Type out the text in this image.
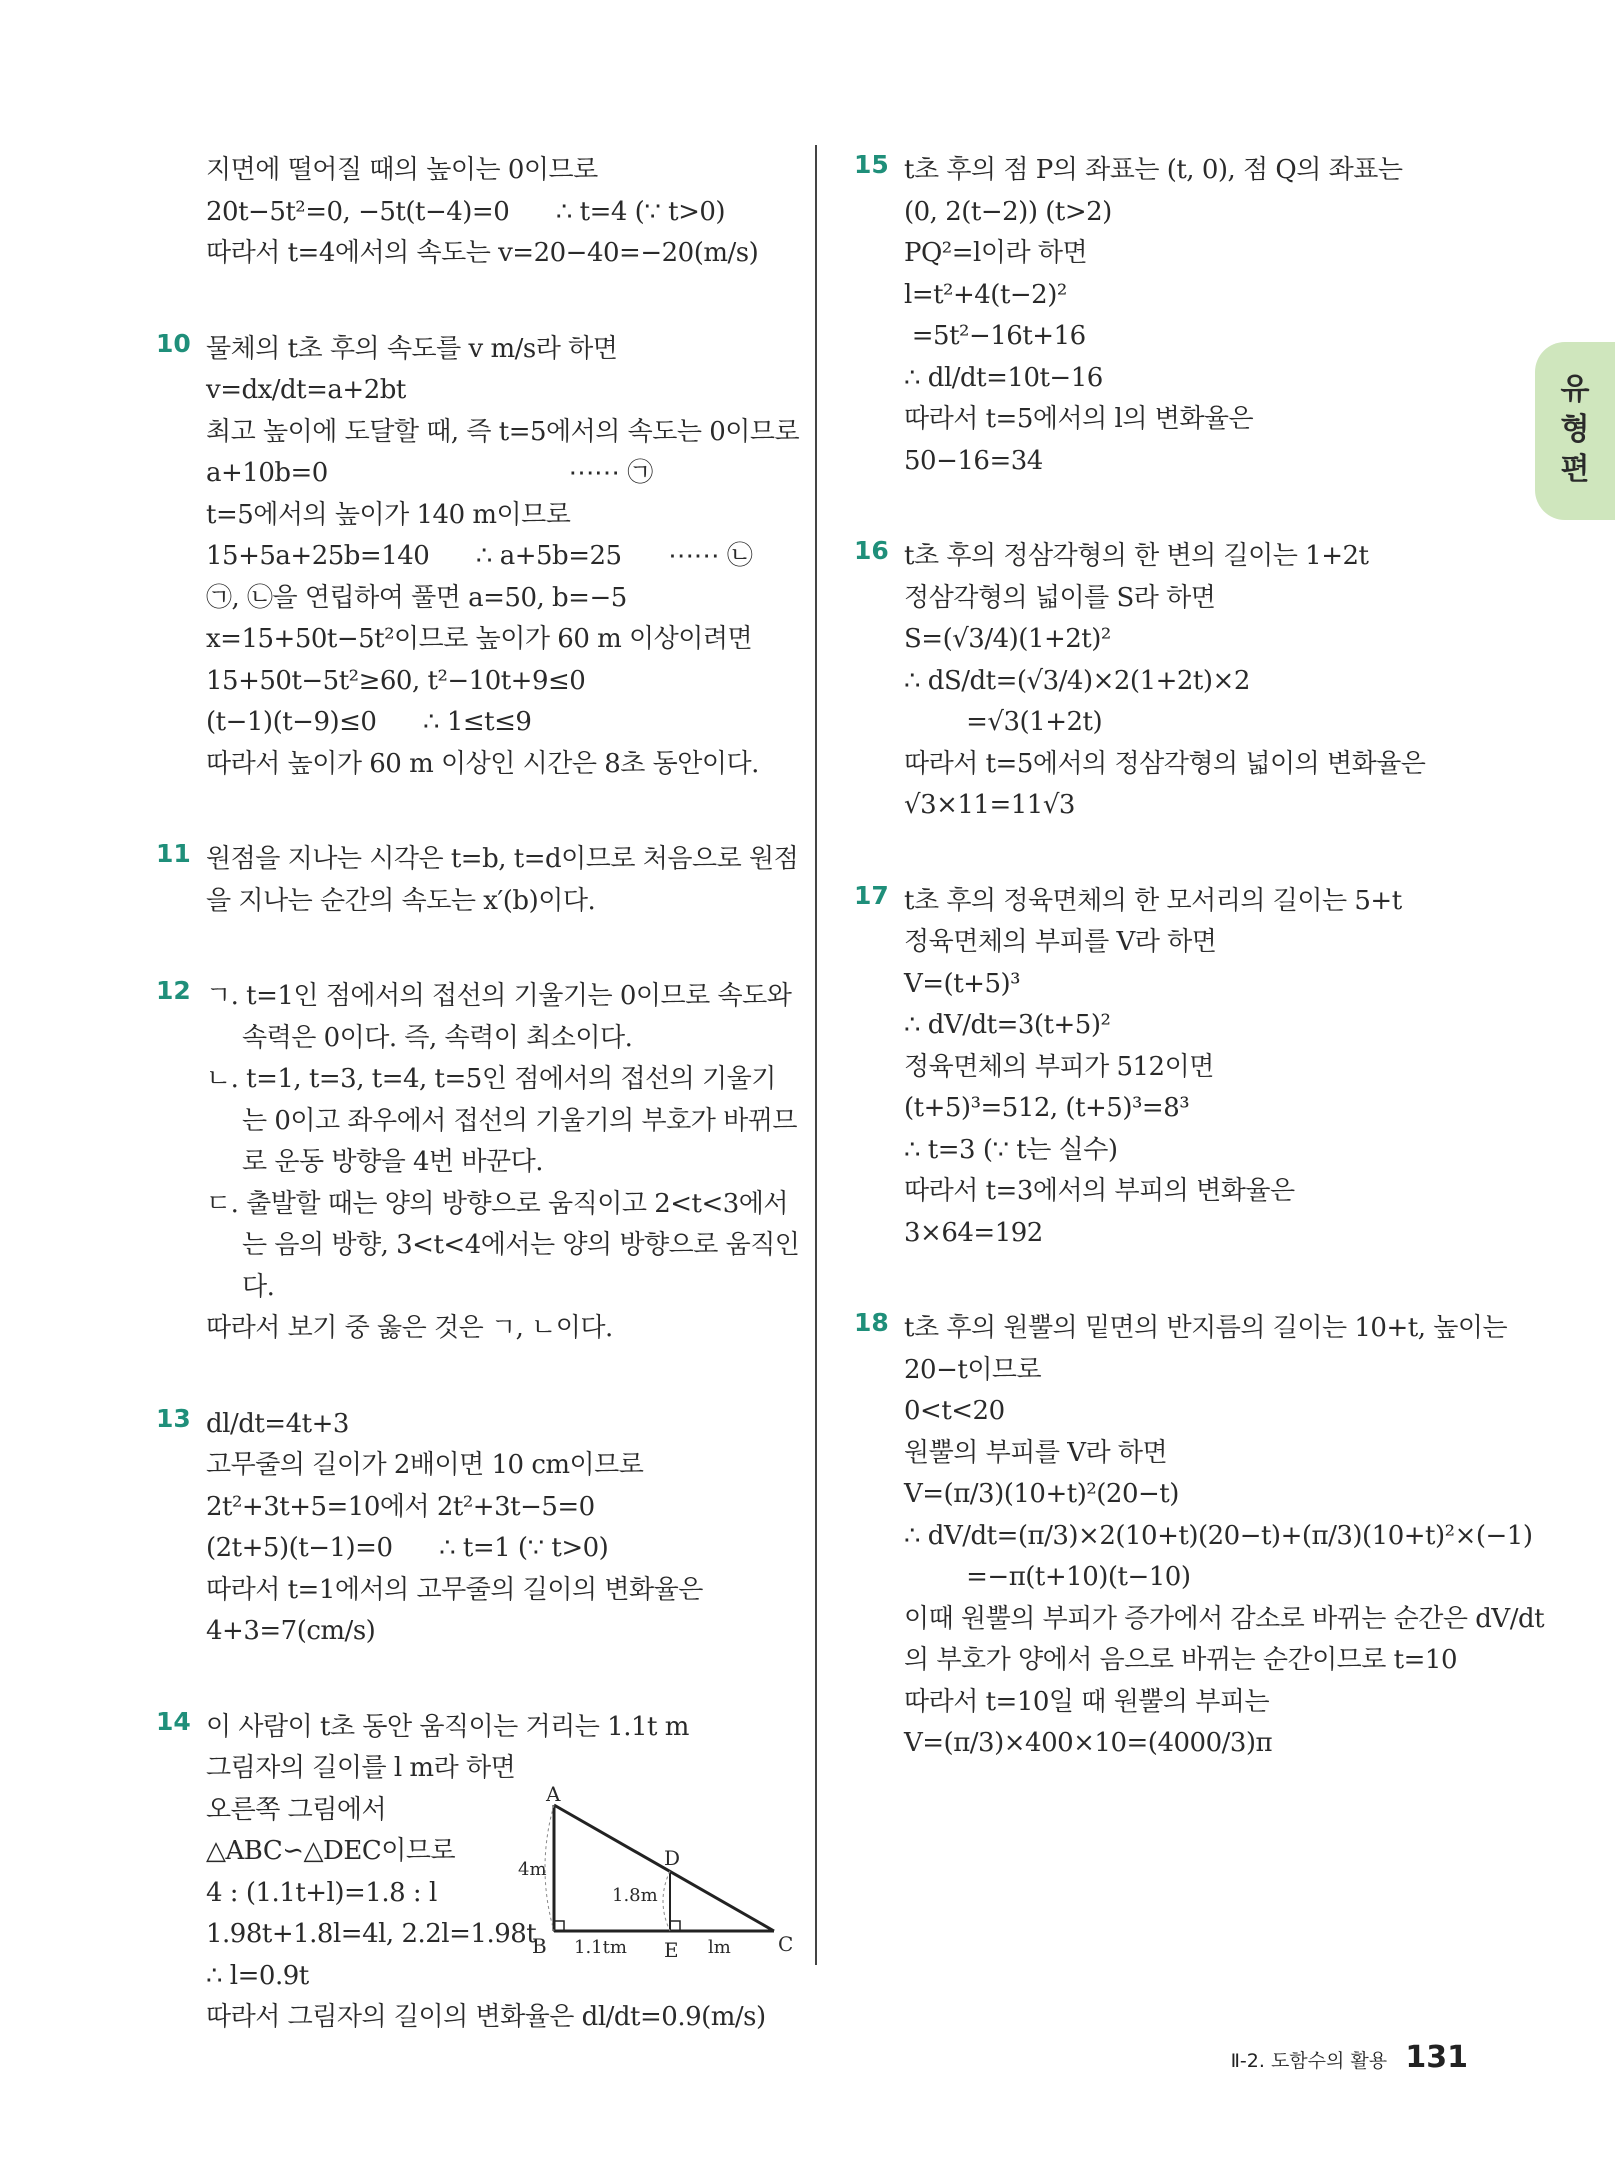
유형편
지면에 떨어질 때의 높이는 0이므로
20t−5t²=0, −5t(t−4)=0      ∴ t=4 (∵ t>0)
따라서 t=4에서의 속도는 v=20−40=−20(m/s)
10 물체의 t초 후의 속도를 v m/s라 하면
v=dx/dt=a+2bt
최고 높이에 도달할 때, 즉 t=5에서의 속도는 0이므로
a+10b=0                               ⋯⋯ ㉠
t=5에서의 높이가 140 m이므로
15+5a+25b=140      ∴ a+5b=25      ⋯⋯ ㉡
㉠, ㉡을 연립하여 풀면 a=50, b=−5
x=15+50t−5t²이므로 높이가 60 m 이상이려면
15+50t−5t²≥60, t²−10t+9≤0
(t−1)(t−9)≤0      ∴ 1≤t≤9
따라서 높이가 60 m 이상인 시간은 8초 동안이다.
11 원점을 지나는 시각은 t=b, t=d이므로 처음으로 원점
을 지나는 순간의 속도는 x′(b)이다.
12 ㄱ. t=1인 점에서의 접선의 기울기는 0이므로 속도와 속력은 0이다. 즉, 속력이 최소이다.
ㄴ. t=1, t=3, t=4, t=5인 점에서의 접선의 기울기는 0이고 좌우에서 접선의 기울기의 부호가 바뀌므로 운동 방향을 4번 바꾼다.
ㄷ. 출발할 때는 양의 방향으로 움직이고 2<t<3에서는 음의 방향, 3<t<4에서는 양의 방향으로 움직인다.
따라서 보기 중 옳은 것은 ㄱ, ㄴ이다.
13 dl/dt=4t+3
고무줄의 길이가 2배이면 10 cm이므로
2t²+3t+5=10에서 2t²+3t−5=0
(2t+5)(t−1)=0      ∴ t=1 (∵ t>0)
따라서 t=1에서의 고무줄의 길이의 변화율은
4+3=7(cm/s)
14 이 사람이 t초 동안 움직이는 거리는 1.1t m
그림자의 길이를 l m라 하면
오른쪽 그림에서
△ABC∽△DEC이므로
4 : (1.1t+l)=1.8 : l
1.98t+1.8l=4l, 2.2l=1.98t
∴ l=0.9t
따라서 그림자의 길이의 변화율은 dl/dt=0.9(m/s)
A
B	C
D
E
4m
1.8m
1.1tm	lm
15 t초 후의 점 P의 좌표는 (t, 0), 점 Q의 좌표는
(0, 2(t−2)) (t>2)
PQ²=l이라 하면
l=t²+4(t−2)²
=5t²−16t+16
∴ dl/dt=10t−16
따라서 t=5에서의 l의 변화율은
50−16=34
16 t초 후의 정삼각형의 한 변의 길이는 1+2t
정삼각형의 넓이를 S라 하면
S=(√3/4)(1+2t)²
∴ dS/dt=(√3/4)×2(1+2t)×2
=√3(1+2t)
따라서 t=5에서의 정삼각형의 넓이의 변화율은
√3×11=11√3
17 t초 후의 정육면체의 한 모서리의 길이는 5+t
정육면체의 부피를 V라 하면
V=(t+5)³
∴ dV/dt=3(t+5)²
정육면체의 부피가 512이면
(t+5)³=512, (t+5)³=8³
∴ t=3 (∵ t는 실수)
따라서 t=3에서의 부피의 변화율은
3×64=192
18 t초 후의 원뿔의 밑면의 반지름의 길이는 10+t, 높이는
20−t이므로
0<t<20
원뿔의 부피를 V라 하면
V=(π/3)(10+t)²(20−t)
∴ dV/dt=(π/3)×2(10+t)(20−t)+(π/3)(10+t)²×(−1)
=−π(t+10)(t−10)
이때 원뿔의 부피가 증가에서 감소로 바뀌는 순간은 dV/dt
의 부호가 양에서 음으로 바뀌는 순간이므로 t=10
따라서 t=10일 때 원뿔의 부피는
V=(π/3)×400×10=(4000/3)π
Ⅱ-2. 도함수의 활용 131
